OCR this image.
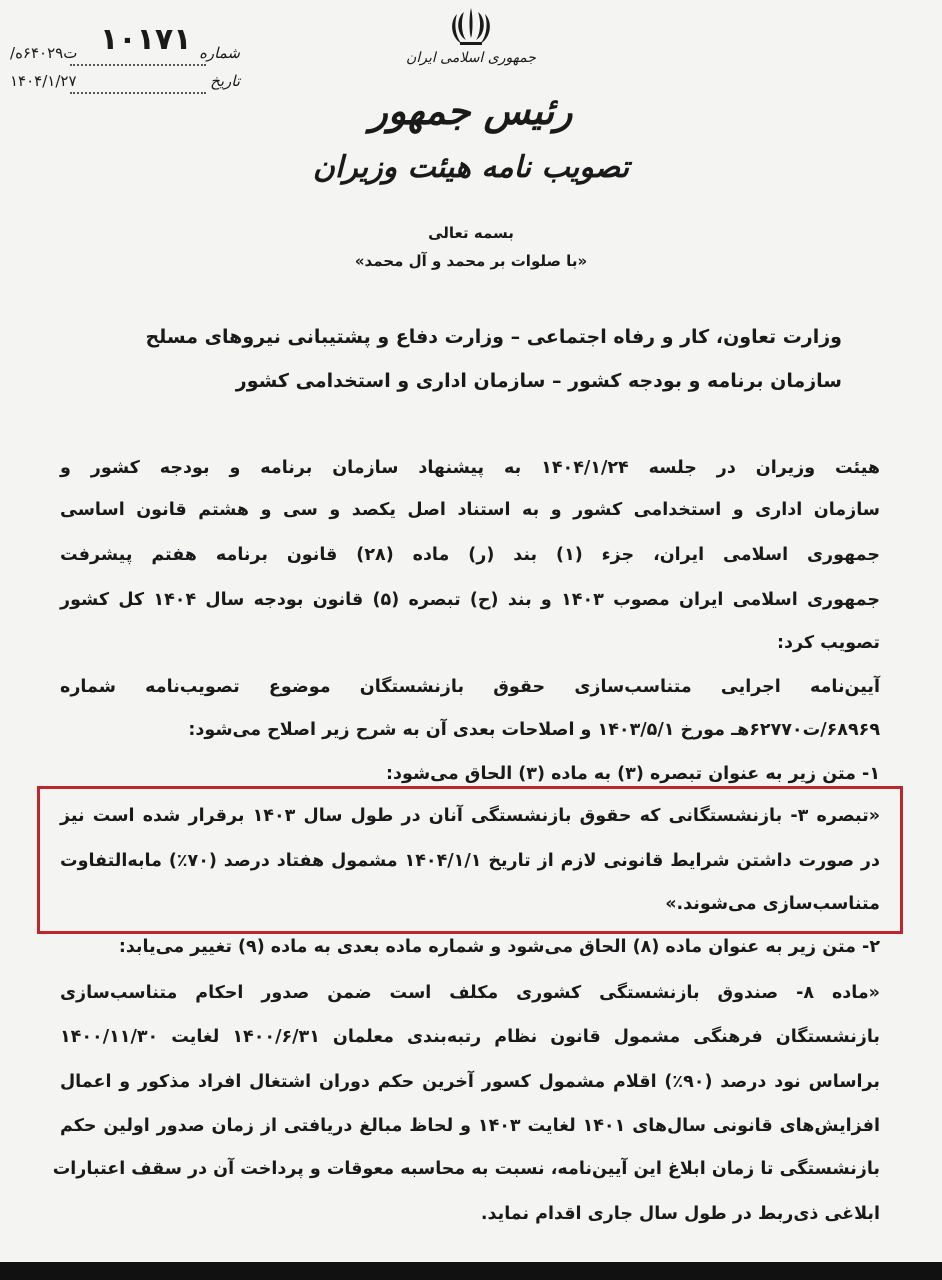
۱۰۱۷۱
/ت۶۴۰۲۹ه	شماره
۱۴۰۴/۱/۲۷	تاریخ
جمهوری اسلامی ایران
رئیس جمهور
تصویب نامه هیئت وزیران
بسمه تعالی
«با صلوات بر محمد و آل محمد»
وزارت تعاون، کار و رفاه اجتماعی – وزارت دفاع و پشتیبانی نیروهای مسلح
سازمان برنامه و بودجه کشور – سازمان اداری و استخدامی کشور
هیئت وزیران در جلسه ۱۴۰۴/۱/۲۴ به پیشنهاد سازمان برنامه و بودجه کشور و
سازمان اداری و استخدامی کشور و به استناد اصل یکصد و سی و هشتم قانون اساسی
جمهوری اسلامی ایران، جزء (۱) بند (ر) ماده (۲۸) قانون برنامه هفتم پیشرفت
جمهوری اسلامی ایران مصوب ۱۴۰۳ و بند (ح) تبصره (۵) قانون بودجه سال ۱۴۰۴ کل کشور
تصویب کرد:
آیین‌نامه اجرایی متناسب‌سازی حقوق بازنشستگان موضوع تصویب‌نامه شماره
۶۸۹۶۹/ت۶۲۷۷۰هـ مورخ ۱۴۰۳/۵/۱ و اصلاحات بعدی آن به شرح زیر اصلاح می‌شود:
۱- متن زیر به عنوان تبصره (۳) به ماده (۳) الحاق می‌شود:
«تبصره ۳- بازنشستگانی که حقوق بازنشستگی آنان در طول سال ۱۴۰۳ برقرار شده است نیز
در صورت داشتن شرایط قانونی لازم از تاریخ ۱۴۰۴/۱/۱ مشمول هفتاد درصد (۷۰٪) مابه‌التفاوت
متناسب‌سازی می‌شوند.»
۲- متن زیر به عنوان ماده (۸) الحاق می‌شود و شماره ماده بعدی به ماده (۹) تغییر می‌یابد:
«ماده ۸- صندوق بازنشستگی کشوری مکلف است ضمن صدور احکام متناسب‌سازی
بازنشستگان فرهنگی مشمول قانون نظام رتبه‌بندی معلمان ۱۴۰۰/۶/۳۱ لغایت ۱۴۰۰/۱۱/۳۰
براساس نود درصد (۹۰٪) اقلام مشمول کسور آخرین حکم دوران اشتغال افراد مذکور و اعمال
افزایش‌های قانونی سال‌های ۱۴۰۱ لغایت ۱۴۰۳ و لحاظ مبالغ دریافتی از زمان صدور اولین حکم
بازنشستگی تا زمان ابلاغ این آیین‌نامه، نسبت به محاسبه معوقات و پرداخت آن در سقف اعتبارات
ابلاغی ذی‌ربط در طول سال جاری اقدام نماید.
